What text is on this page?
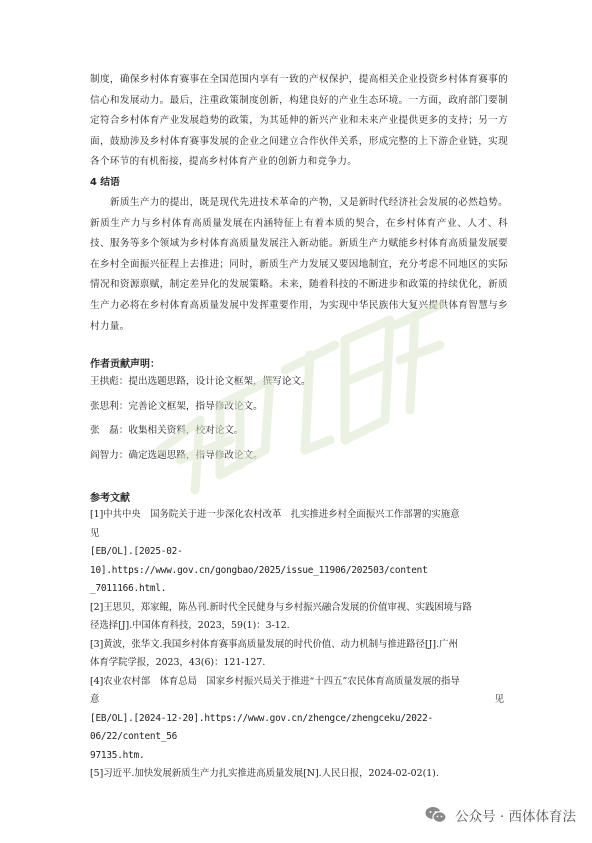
制度，确保乡村体育赛事在全国范围内享有一致的产权保护，提高相关企业投资乡村体育赛事的信心和发展动力。最后，注重政策制度创新，构建良好的产业生态环境。一方面，政府部门要制定符合乡村体育产业发展趋势的政策，为其延伸的新兴产业和未来产业提供更多的支持；另一方面，鼓励涉及乡村体育赛事发展的企业之间建立合作伙伴关系，形成完整的上下游企业链，实现各个环节的有机衔接，提高乡村体育产业的创新力和竞争力。

4 结语

新质生产力的提出，既是现代先进技术革命的产物，又是新时代经济社会发展的必然趋势。新质生产力与乡村体育高质量发展在内涵特征上有着本质的契合，在乡村体育产业、人才、科技、服务等多个领域为乡村体育高质量发展注入新动能。新质生产力赋能乡村体育高质量发展要在乡村全面振兴征程上去推进；同时，新质生产力发展又要因地制宜，充分考虑不同地区的实际情况和资源禀赋，制定差异化的发展策略。未来，随着科技的不断进步和政策的持续优化，新质生产力必将在乡村体育高质量发展中发挥重要作用，为实现中华民族伟大复兴提供体育智慧与乡村力量。

作者贡献声明：
王拱彪：提出选题思路，设计论文框架，撰写论文。
张思利：完善论文框架，指导修改论文。
张　磊：收集相关资料，校对论文。
阎智力：确定选题思路，指导修改论文。
参考文献
[1]中共中央　国务院关于进一步深化农村改革　扎实推进乡村全面振兴工作部署的实施意
见
[EB/OL].[2025-02-10].https://www.gov.cn/gongbao/2025/issue_11906/202503/content
_7011166.html.
[2]王思贝，郑家鲲，陈丛刊.新时代全民健身与乡村振兴融合发展的价值审视、实践困境与路
径选择[J].中国体育科技，2023，59(1)：3-12.
[3]黄波，张华文.我国乡村体育赛事高质量发展的时代价值、动力机制与推进路径[J].广州
体育学院学报，2023，43(6)：121-127.
[4]农业农村部　体育总局　国家乡村振兴局关于推进“十四五”农民体育高质量发展的指导
意	见
[EB/OL].[2024-12-20].https://www.gov.cn/zhengce/zhengceku/2022-06/22/content_56
97135.htm.
[5]习近平.加快发展新质生产力扎实推进高质量发展[N].人民日报，2024-02-02(1).
公众号 · 西体体育法
